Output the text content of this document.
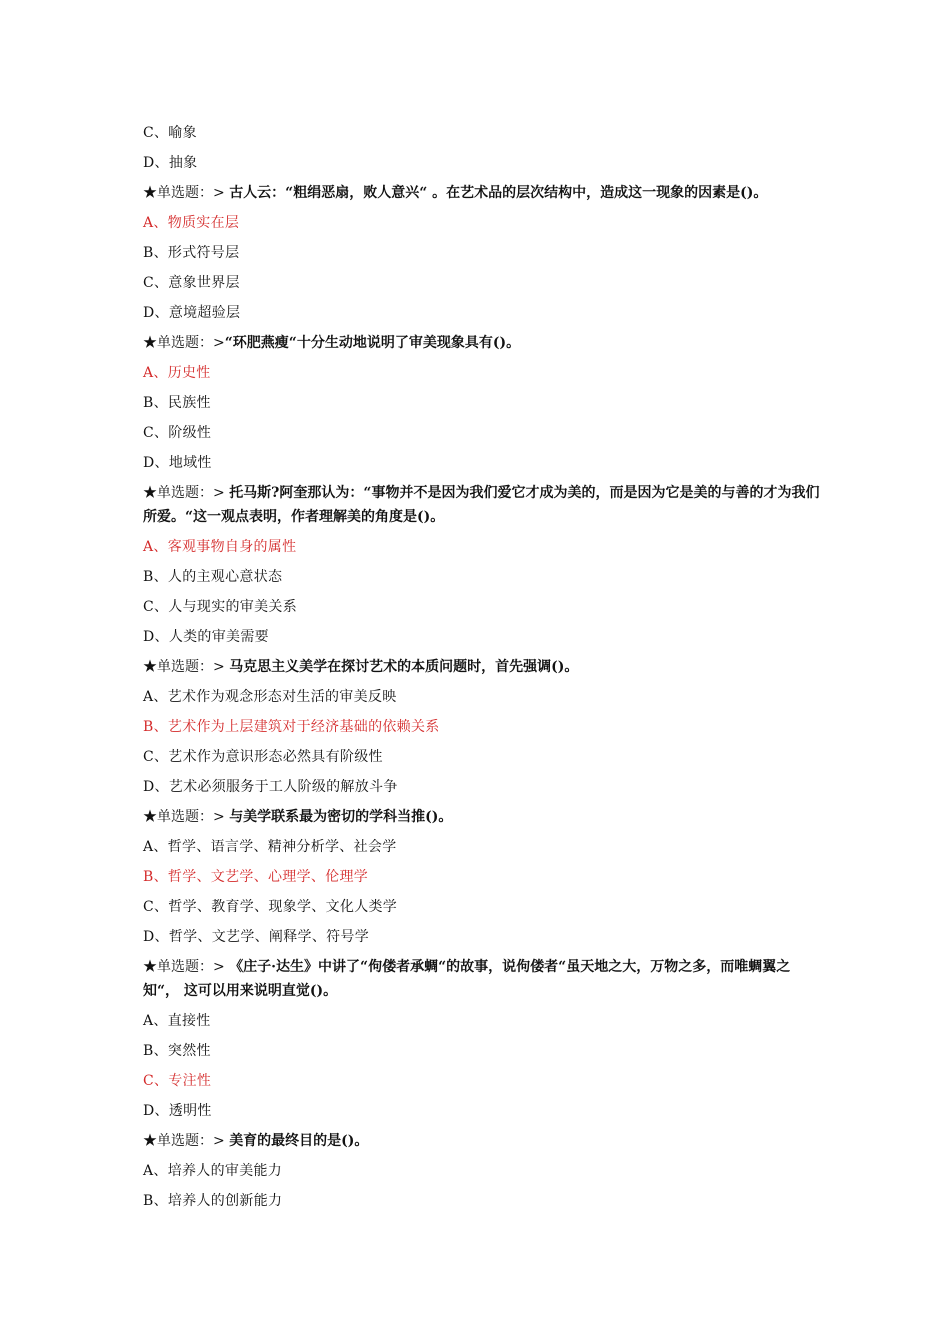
C、喻象
D、抽象
★单选题：> 古人云：“粗绢恶扇，败人意兴“ 。在艺术品的层次结构中，造成这一现象的因素是()。
A、物质实在层
B、形式符号层
C、意象世界层
D、意境超验层
★单选题：>“环肥燕瘦“十分生动地说明了审美现象具有()。
A、历史性
B、民族性
C、阶级性
D、地域性
★单选题：> 托马斯?阿奎那认为：“事物并不是因为我们爱它才成为美的，而是因为它是美的与善的才为我们所爱。“这一观点表明，作者理解美的角度是()。
A、客观事物自身的属性
B、人的主观心意状态
C、人与现实的审美关系
D、人类的审美需要
★单选题：> 马克思主义美学在探讨艺术的本质问题时，首先强调()。
A、艺术作为观念形态对生活的审美反映
B、艺术作为上层建筑对于经济基础的依赖关系
C、艺术作为意识形态必然具有阶级性
D、艺术必须服务于工人阶级的解放斗争
★单选题：> 与美学联系最为密切的学科当推()。
A、哲学、语言学、精神分析学、社会学
B、哲学、文艺学、心理学、伦理学
C、哲学、教育学、现象学、文化人类学
D、哲学、文艺学、阐释学、符号学
★单选题：> 《庄子·达生》中讲了“佝偻者承蜩“的故事，说佝偻者“虽天地之大，万物之多，而唯蜩翼之知“， 这可以用来说明直觉()。
A、直接性
B、突然性
C、专注性
D、透明性
★单选题：> 美育的最终目的是()。
A、培养人的审美能力
B、培养人的创新能力
